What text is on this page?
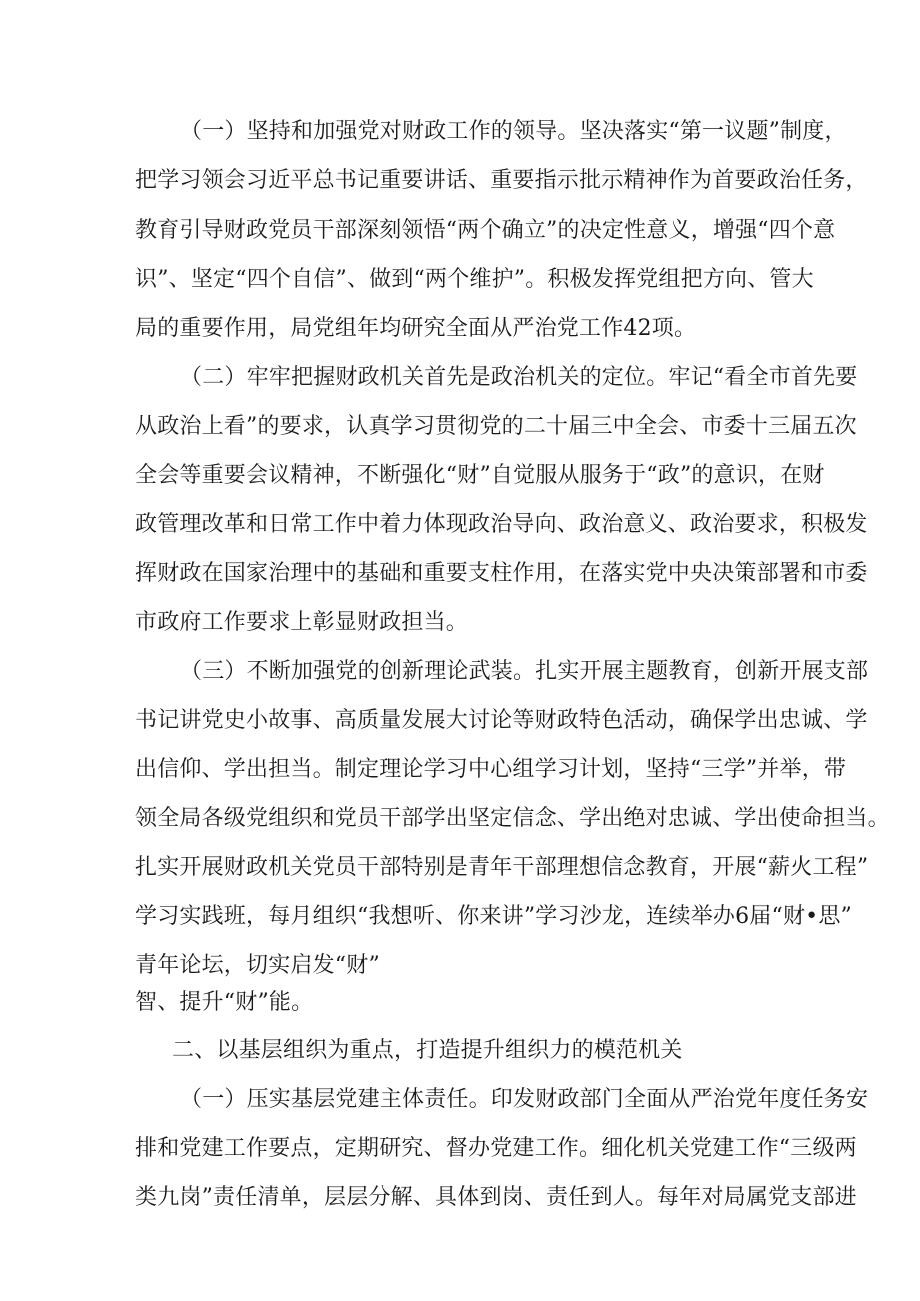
（一）坚持和加强党对财政工作的领导。坚决落实“第一议题”制度，
把学习领会习近平总书记重要讲话、重要指示批示精神作为首要政治任务，
教育引导财政党员干部深刻领悟“两个确立”的决定性意义，增强“四个意
识”、坚定“四个自信”、做到“两个维护”。积极发挥党组把方向、管大
局的重要作用，局党组年均研究全面从严治党工作42项。
（二）牢牢把握财政机关首先是政治机关的定位。牢记“看全市首先要
从政治上看”的要求，认真学习贯彻党的二十届三中全会、市委十三届五次
全会等重要会议精神，不断强化“财”自觉服从服务于“政”的意识，在财
政管理改革和日常工作中着力体现政治导向、政治意义、政治要求，积极发
挥财政在国家治理中的基础和重要支柱作用，在落实党中央决策部署和市委
市政府工作要求上彰显财政担当。
（三）不断加强党的创新理论武装。扎实开展主题教育，创新开展支部
书记讲党史小故事、高质量发展大讨论等财政特色活动，确保学出忠诚、学
出信仰、学出担当。制定理论学习中心组学习计划，坚持“三学”并举，带
领全局各级党组织和党员干部学出坚定信念、学出绝对忠诚、学出使命担当。
扎实开展财政机关党员干部特别是青年干部理想信念教育，开展“薪火工程”
学习实践班，每月组织“我想听、你来讲”学习沙龙，连续举办6届“财•思”
青年论坛，切实启发“财”
智、提升“财”能。
二、以基层组织为重点，打造提升组织力的模范机关
（一）压实基层党建主体责任。印发财政部门全面从严治党年度任务安
排和党建工作要点，定期研究、督办党建工作。细化机关党建工作“三级两
类九岗”责任清单，层层分解、具体到岗、责任到人。每年对局属党支部进
